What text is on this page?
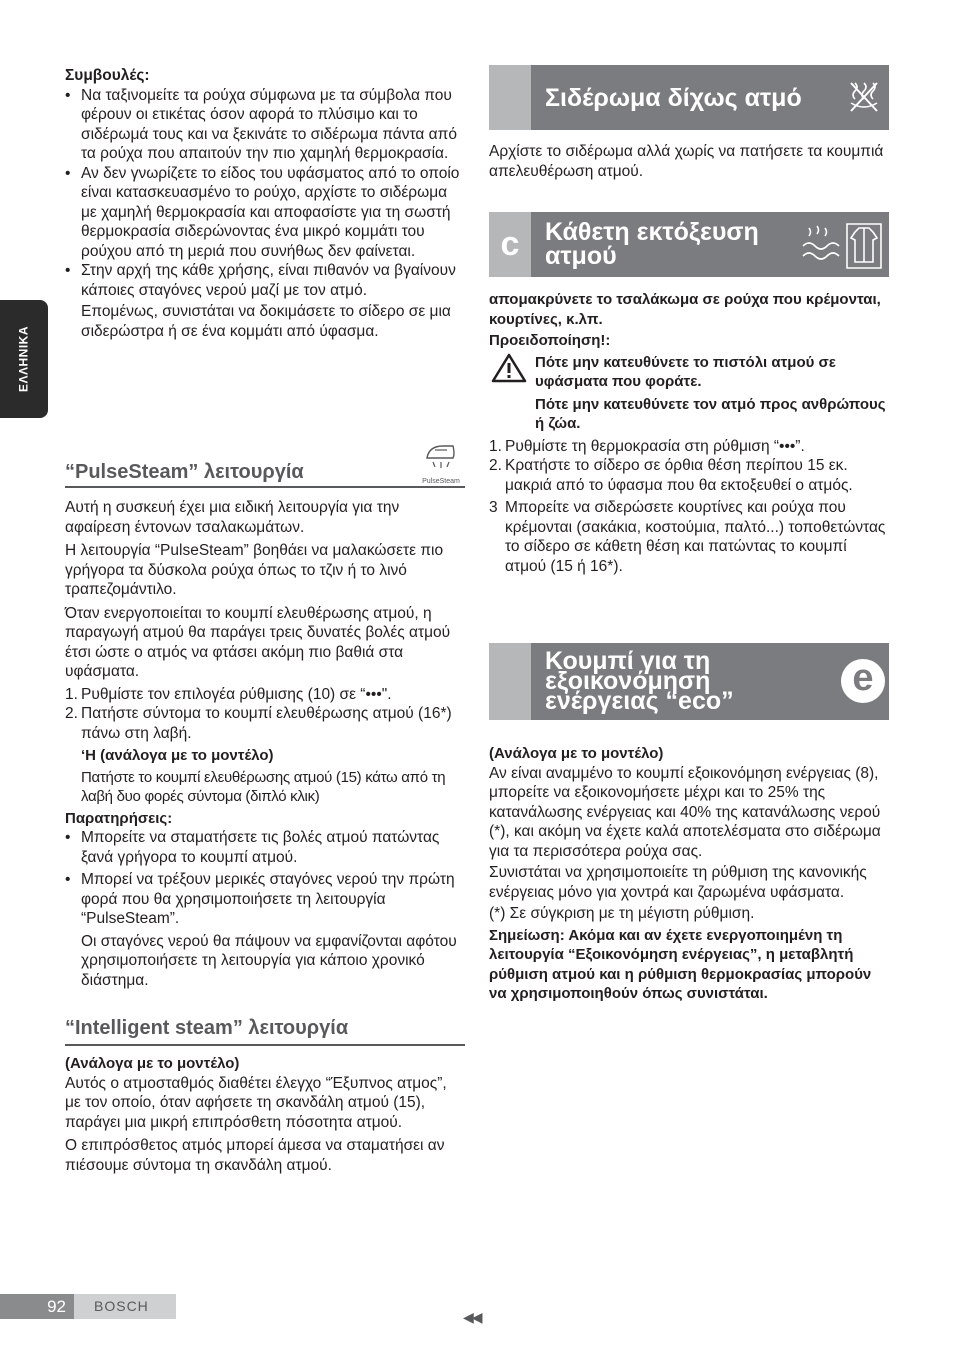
ΕΛΛΗΝΙΚΑ

Συμβουλές:

• Να ταξινομείτε τα ρούχα σύμφωνα με τα σύμβολα που φέρουν οι ετικέτας όσον αφορά το πλύσιμο και το σιδέρωμά τους και να ξεκινάτε το σιδέρωμα πάντα από τα ρούχα που απαιτούν την πιο χαμηλή θερμοκρασία.
• Αν δεν γνωρίζετε το είδος του υφάσματος από το οποίο είναι κατασκευασμένο το ρούχο, αρχίστε το σιδέρωμα με χαμηλή θερμοκρασία και αποφασίστε για τη σωστή θερμοκρασία σιδερώνοντας ένα μικρό κομμάτι του ρούχου από τη μεριά που συνήθως δεν φαίνεται.
• Στην αρχή της κάθε χρήσης, είναι πιθανόν να βγαίνουν κάποιες σταγόνες νερού μαζί με τον ατμό.

Επομένως, συνιστάται να δοκιμάσετε το σίδερο σε μια σιδερώστρα ή σε ένα κομμάτι από ύφασμα.

“PulseSteam” λειτουργία	PulseSteam

Αυτή η συσκευή έχει μια ειδική λειτουργία για την αφαίρεση έντονων τσαλακωμάτων.

Η λειτουργία “PulseSteam” βοηθάει να μαλακώσετε πιο γρήγορα τα δύσκολα ρούχα όπως το τζιν ή το λινό τραπεζομάντιλο.

Όταν ενεργοποιείται το κουμπί ελευθέρωσης ατμού, η παραγωγή ατμού θα παράγει τρεις δυνατές βολές ατμού έτσι ώστε ο ατμός να φτάσει ακόμη πιο βαθιά στα υφάσματα.

1. Ρυθμίστε τον επιλογέα ρύθμισης (10) σε “•••".
2. Πατήστε σύντομα το κουμπί ελευθέρωσης ατμού (16*) πάνω στη λαβή.

‘Η (ανάλογα με το μοντέλο)

Πατήστε το κουμπί ελευθέρωσης ατμού (15) κάτω από τη λαβή δυο φορές σύντομα (διπλό κλικ)

Παρατηρήσεις:

• Μπορείτε να σταματήσετε τις βολές ατμού πατώντας ξανά γρήγορα το κουμπί ατμού.
• Μπορεί να τρέξουν μερικές σταγόνες νερού την πρώτη φορά που θα χρησιμοποιήσετε τη λειτουργία “PulseSteam”.

Οι σταγόνες νερού θα πάψουν να εμφανίζονται αφότου χρησιμοποιήσετε τη λειτουργία για κάποιο χρονικό διάστημα.

“Intelligent steam” λειτουργία

(Ανάλογα με το μοντέλο)

Αυτός ο ατμοσταθμός διαθέτει έλεγχο “Έξυπνος ατμος”, με τον οποίο, όταν αφήσετε τη σκανδάλη ατμού (15), παράγει μια μικρή επιπρόσθετη πόσοτητα ατμού.

Ο επιπρόσθετος ατμός μπορεί άμεσα να σταματήσει αν πιέσουμε σύντομα τη σκανδάλη ατμού.

Σιδέρωμα δίχως ατμό

Αρχίστε το σιδέρωμα αλλά χωρίς να πατήσετε τα κουμπιά απελευθέρωση ατμού.

c Κάθετη εκτόξευση
ατμού

απομακρύνετε το τσαλάκωμα σε ρούχα που κρέμονται, κουρτίνες, κ.λπ.

Προειδοποίηση!:

Πότε μην κατευθύνετε το πιστόλι ατμού σε υφάσματα που φοράτε.

Πότε μην κατευθύνετε τον ατμό προς ανθρώπους ή ζώα.

1. Ρυθμίστε τη θερμοκρασία στη ρύθμιση “•••”.
2. Κρατήστε το σίδερο σε όρθια θέση περίπου 15 εκ. μακριά από το ύφασμα που θα εκτοξευθεί ο ατμός.
3 Μπορείτε να σιδερώσετε κουρτίνες και ρούχα που κρέμονται (σακάκια, κοστούμια, παλτό...) τοποθετώντας το σίδερο σε κάθετη θέση και πατώντας το κουμπί ατμού (15 ή 16*).
Κουμπί για τη
εξοικονόμηση
ενέργειας “eco”
e

(Ανάλογα με το μοντέλο)

Αν είναι αναμμένο το κουμπί εξοικονόμηση ενέργειας (8), μπορείτε να εξοικονομήσετε μέχρι και το 25% της κατανάλωσης ενέργειας και 40% της κατανάλωσης νερού (*), και ακόμη να έχετε καλά αποτελέσματα στο σιδέρωμα για τα περισσότερα ρούχα σας.

Συνιστάται να χρησιμοποιείτε τη ρύθμιση της κανονικής ενέργειας μόνο για χοντρά και ζαρωμένα υφάσματα.

(*) Σε σύγκριση με τη μέγιστη ρύθμιση.

Σημείωση: Ακόμα και αν έχετε ενεργοποιημένη τη λειτουργία “Εξοικονόμηση ενέργειας”, η μεταβλητή ρύθμιση ατμού και η ρύθμιση θερμοκρασίας μπορούν να χρησιμοποιηθούν όπως συνιστάται.

92	BOSCH
◀◀
